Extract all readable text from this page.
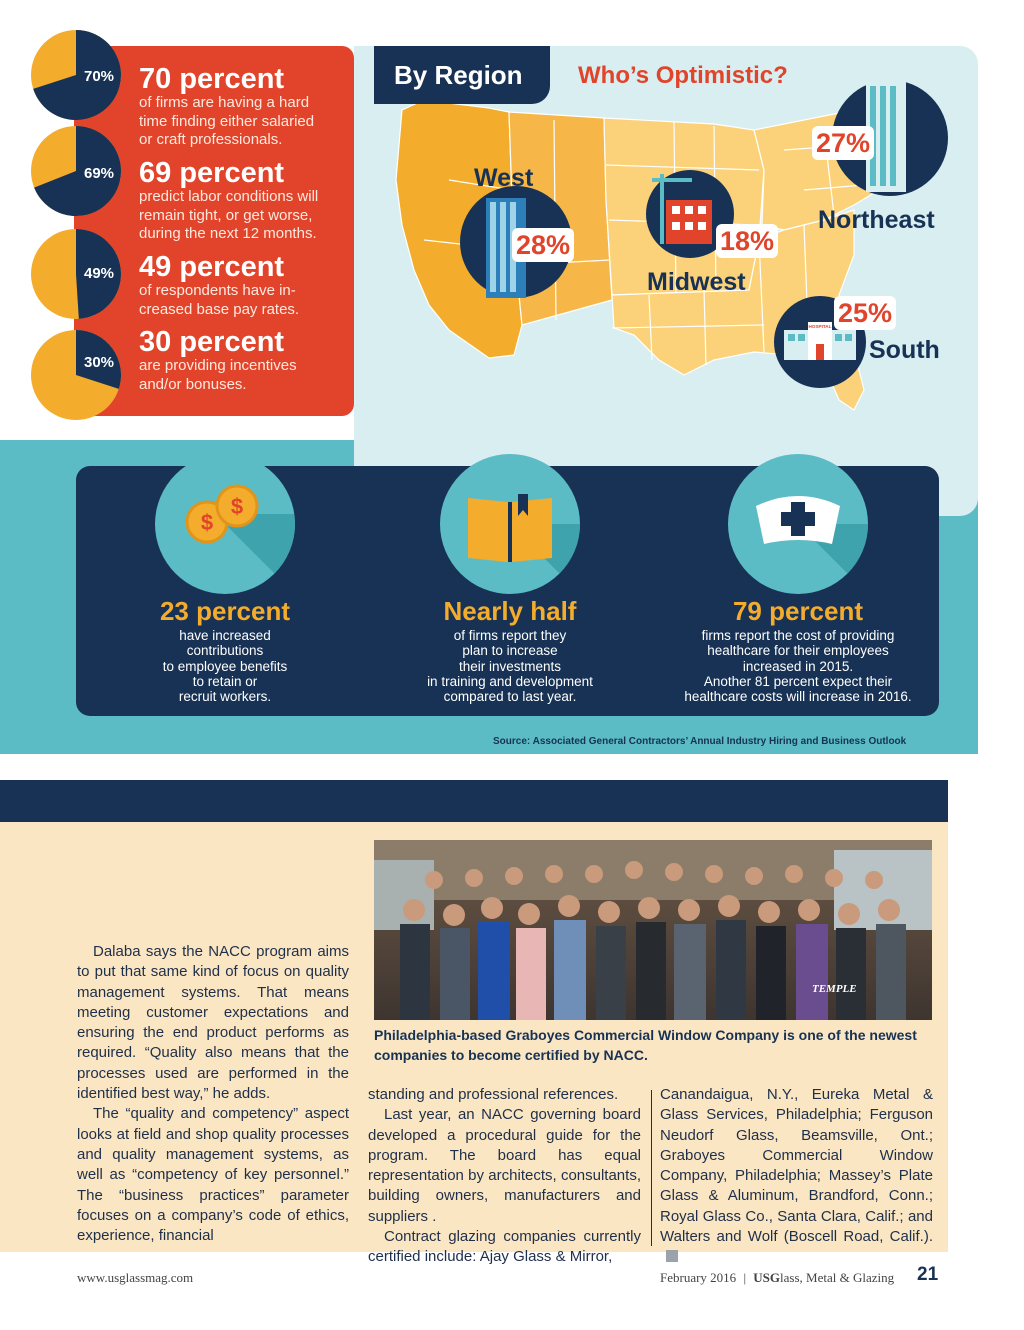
70%
69%
49%
30%
70 percent
of firms are having a hard
time finding either salaried
or craft professionals.
69 percent
predict labor conditions will
remain tight, or get worse,
during the next 12 months.
49 percent
of respondents have in-
creased base pay rates.
30 percent
are providing incentives
and/or bonuses.
By Region	Who’s Optimistic?
28%
West
18%
Midwest
27%
Northeast
HOSPITAL 25%
South
$
$
23 percent
have increased
contributions
to employee benefits
to retain or
recruit workers.
Nearly half
of firms report they
plan to increase
their investments
in training and development
compared to last year.
79 percent
firms report the cost of providing
healthcare for their employees
increased in 2015.
Another 81 percent expect their
healthcare costs will increase in 2016.
Source: Associated General Contractors’ Annual Industry Hiring and Business Outlook
TEMPLE
Philadelphia-based Graboyes Commercial Window Company is one of the newest companies to become certified by NACC.

Dalaba says the NACC program aims to put that same kind of focus on quality management systems. That means meeting customer expectations and ensuring the end product performs as required. “Quality also means that the processes used are performed in the identified best way,” he adds.

The “quality and competency” aspect looks at field and shop quality processes and quality management systems, as well as “competency of key personnel.” The “business practices” parameter focuses on a company’s code of ethics, experience, financial

standing and professional references.

Last year, an NACC governing board developed a procedural guide for the program. The board has equal representation by architects, consultants, building owners, manufacturers and suppliers .

Contract glazing companies currently certified include: Ajay Glass & Mirror,

Canandaigua, N.Y., Eureka Metal & Glass Services, Philadelphia; Ferguson Neudorf Glass, Beamsville, Ont.; Graboyes Commercial Window Company, Philadelphia; Massey’s Plate Glass & Aluminum, Brandford, Conn.; Royal Glass Co., Santa Clara, Calif.; and Walters and Wolf (Boscell Road, Calif.).

www.usglassmag.com	February 2016 | USGlass, Metal & Glazing 21
